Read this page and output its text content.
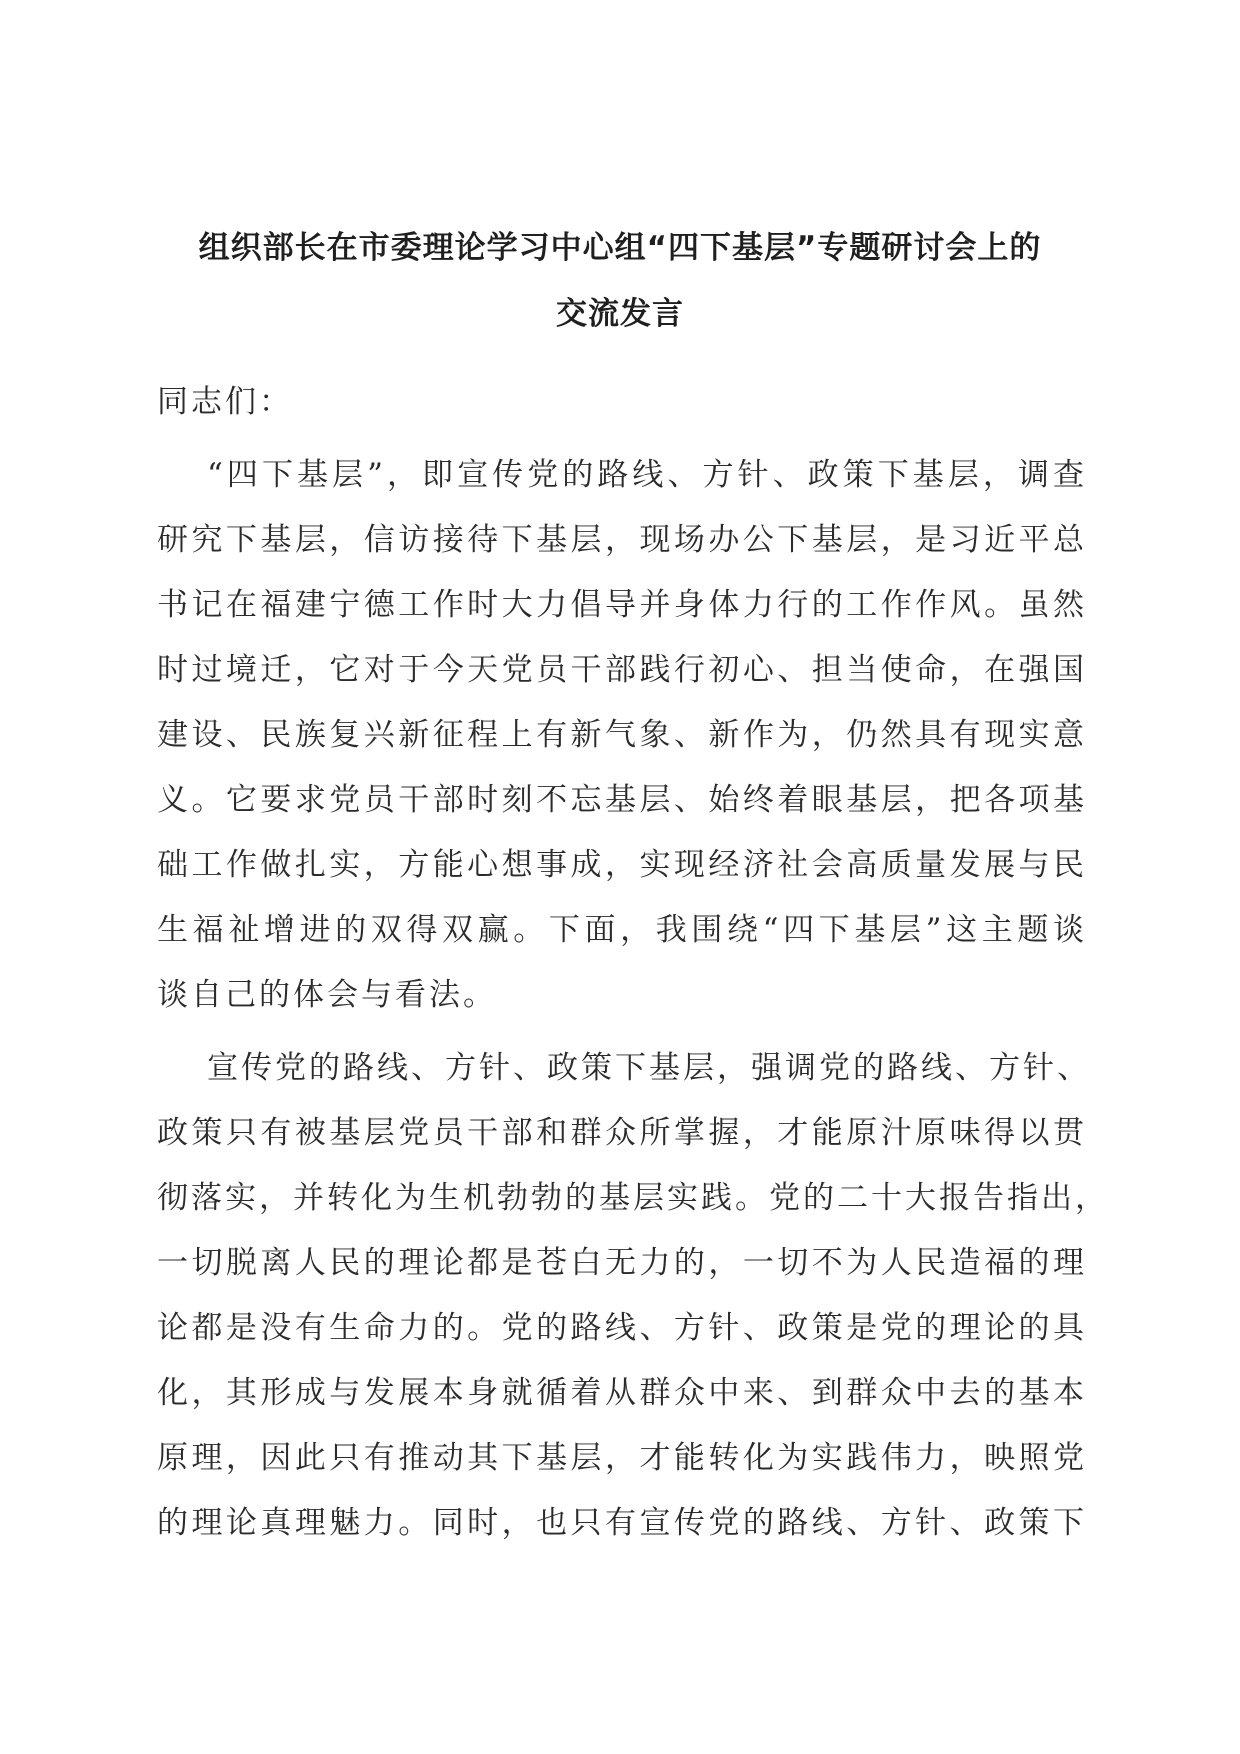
组织部长在市委理论学习中心组“四下基层”专题研讨会上的
交流发言
同志们：
“四下基层”，即宣传党的路线、方针、政策下基层，调查
研究下基层，信访接待下基层，现场办公下基层，是习近平总
书记在福建宁德工作时大力倡导并身体力行的工作作风。虽然
时过境迁，它对于今天党员干部践行初心、担当使命，在强国
建设、民族复兴新征程上有新气象、新作为，仍然具有现实意
义。它要求党员干部时刻不忘基层、始终着眼基层，把各项基
础工作做扎实，方能心想事成，实现经济社会高质量发展与民
生福祉增进的双得双赢。下面，我围绕“四下基层”这主题谈
谈自己的体会与看法。
宣传党的路线、方针、政策下基层，强调党的路线、方针、
政策只有被基层党员干部和群众所掌握，才能原汁原味得以贯
彻落实，并转化为生机勃勃的基层实践。党的二十大报告指出，
一切脱离人民的理论都是苍白无力的，一切不为人民造福的理
论都是没有生命力的。党的路线、方针、政策是党的理论的具
化，其形成与发展本身就循着从群众中来、到群众中去的基本
原理，因此只有推动其下基层，才能转化为实践伟力，映照党
的理论真理魅力。同时，也只有宣传党的路线、方针、政策下
